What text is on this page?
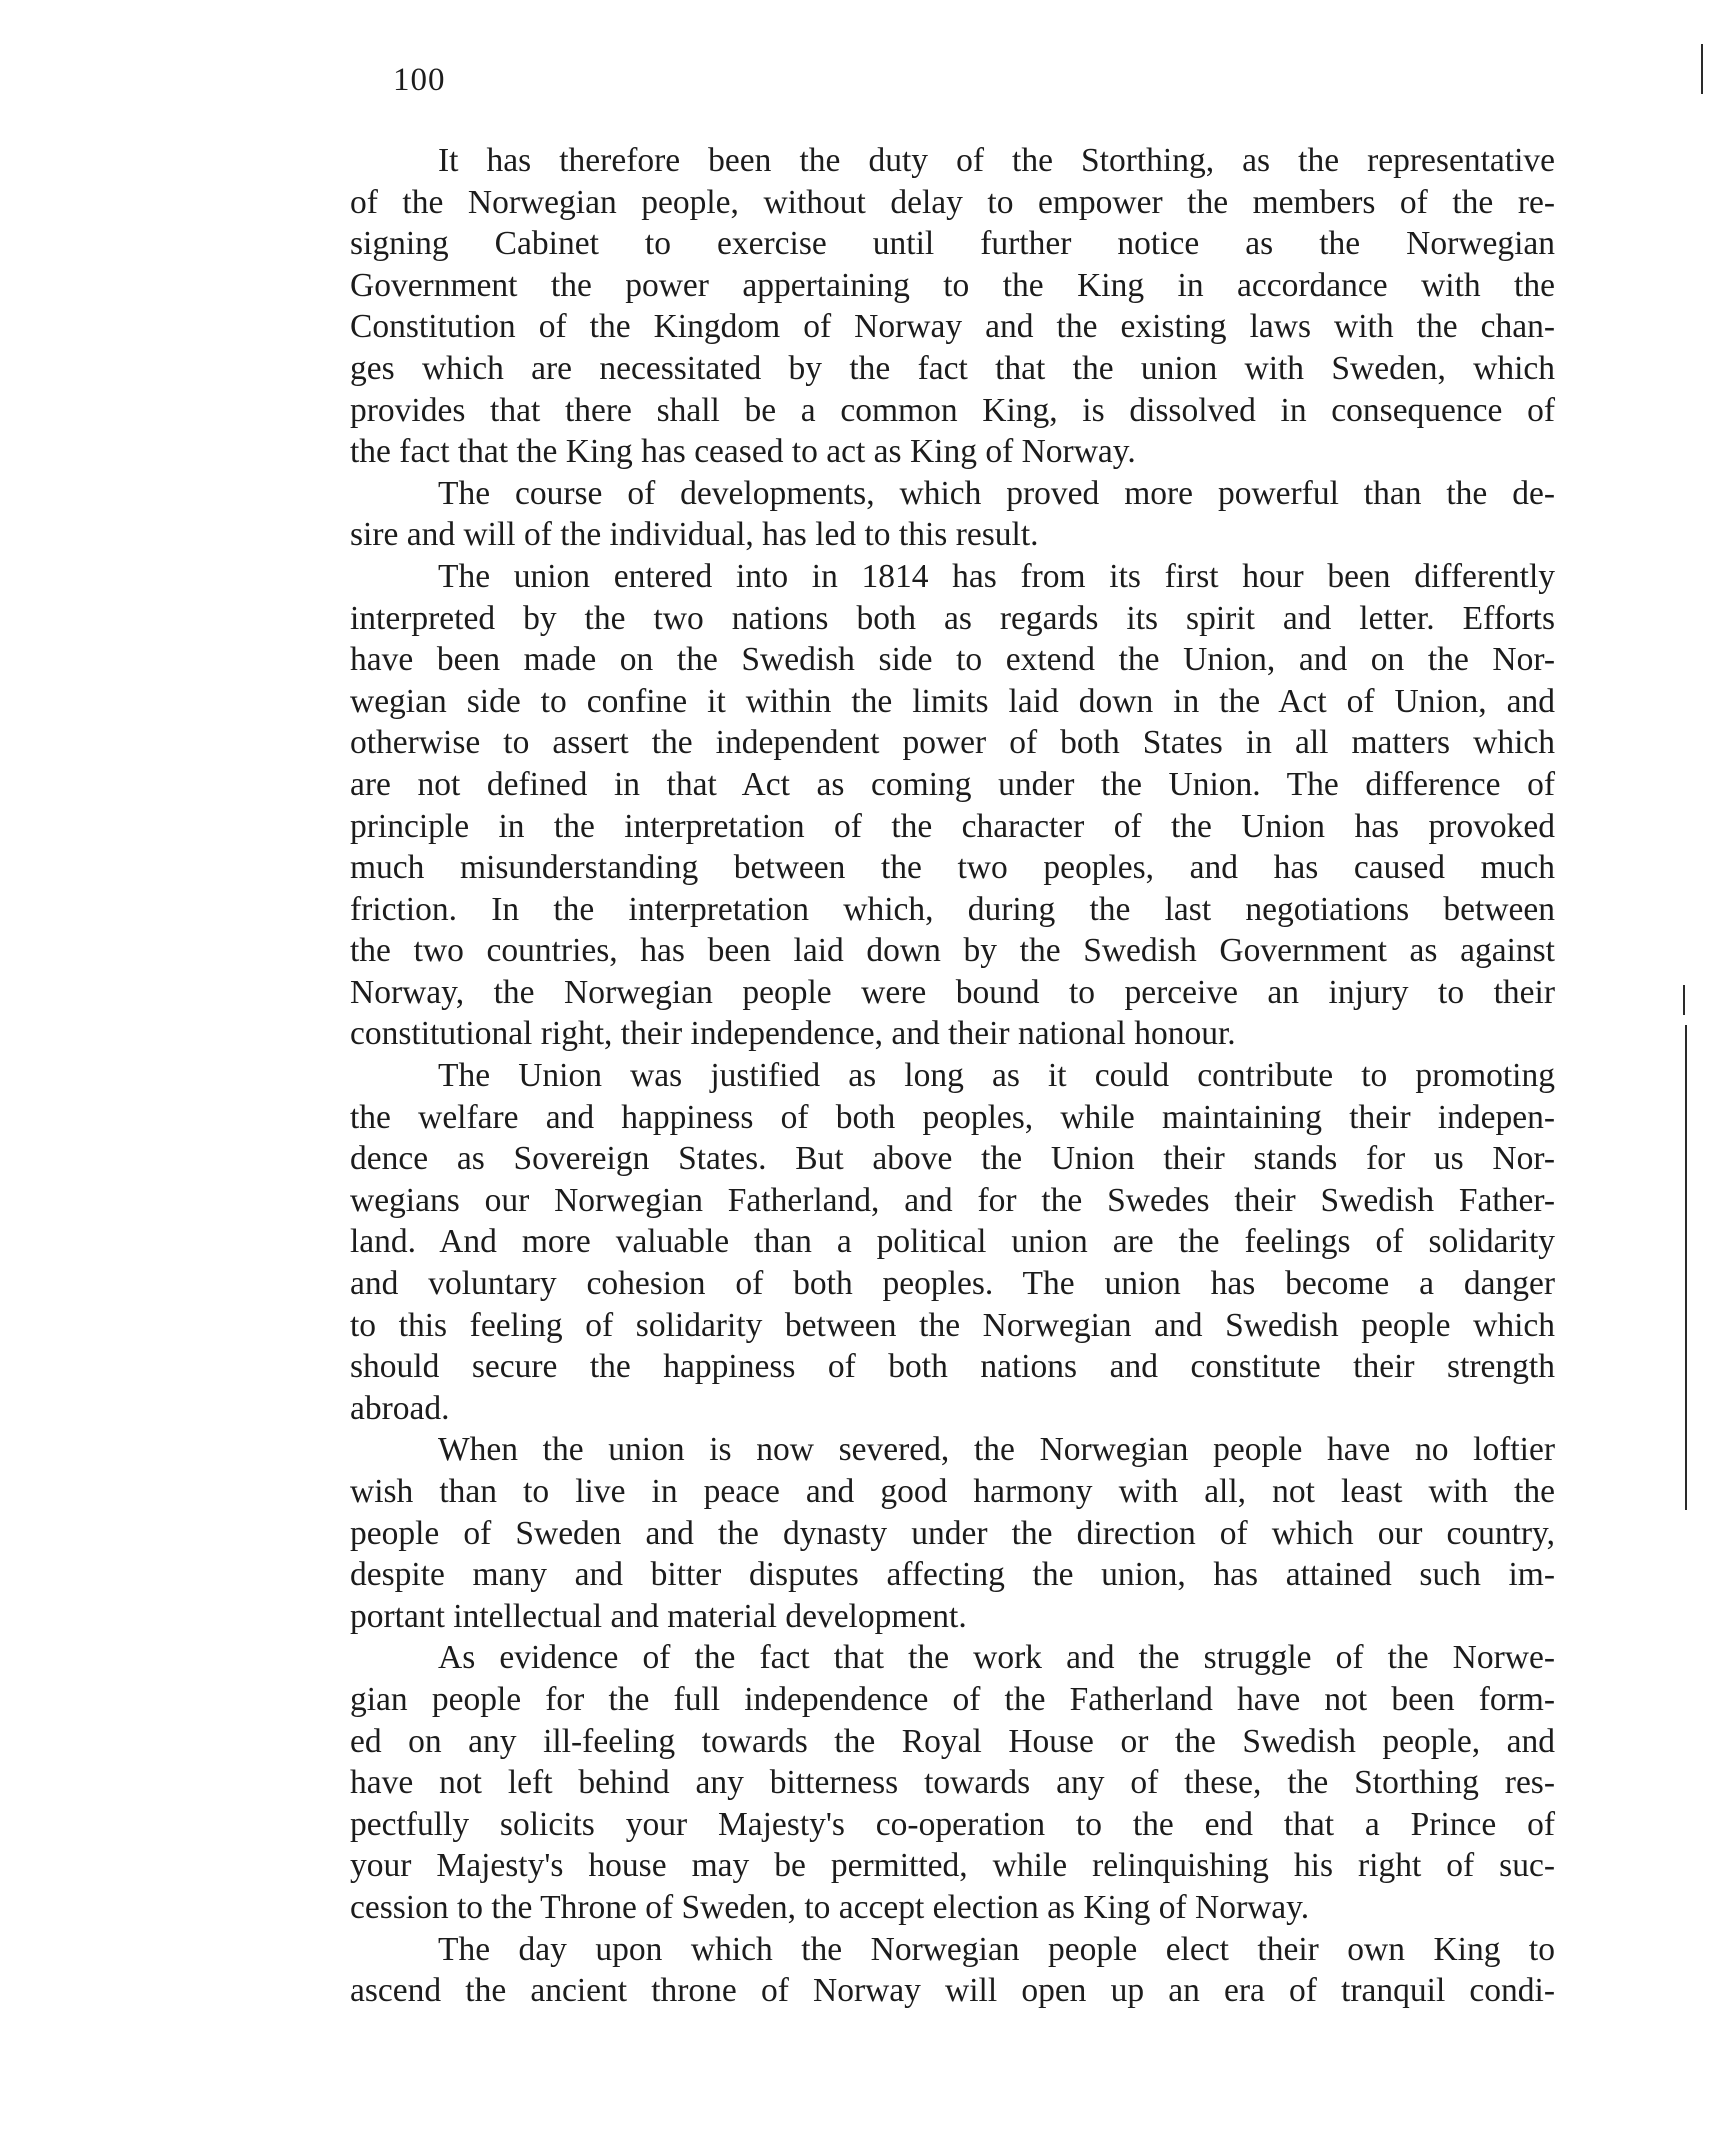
100
It has therefore been the duty of the Storthing, as the representative
of the Norwegian people, without delay to empower the members of the re-
signing Cabinet to exercise until further notice as the Norwegian
Government the power appertaining to the King in accordance with the
Constitution of the Kingdom of Norway and the existing laws with the chan-
ges which are necessitated by the fact that the union with Sweden, which
provides that there shall be a common King, is dissolved in consequence of
the fact that the King has ceased to act as King of Norway.
The course of developments, which proved more powerful than the de-
sire and will of the individual, has led to this result.
The union entered into in 1814 has from its first hour been differently
interpreted by the two nations both as regards its spirit and letter. Efforts
have been made on the Swedish side to extend the Union, and on the Nor-
wegian side to confine it within the limits laid down in the Act of Union, and
otherwise to assert the independent power of both States in all matters which
are not defined in that Act as coming under the Union. The difference of
principle in the interpretation of the character of the Union has provoked
much misunderstanding between the two peoples, and has caused much
friction. In the interpretation which, during the last negotiations between
the two countries, has been laid down by the Swedish Government as against
Norway, the Norwegian people were bound to perceive an injury to their
constitutional right, their independence, and their national honour.
The Union was justified as long as it could contribute to promoting
the welfare and happiness of both peoples, while maintaining their indepen-
dence as Sovereign States. But above the Union their stands for us Nor-
wegians our Norwegian Fatherland, and for the Swedes their Swedish Father-
land. And more valuable than a political union are the feelings of solidarity
and voluntary cohesion of both peoples. The union has become a danger
to this feeling of solidarity between the Norwegian and Swedish people which
should secure the happiness of both nations and constitute their strength
abroad.
When the union is now severed, the Norwegian people have no loftier
wish than to live in peace and good harmony with all, not least with the
people of Sweden and the dynasty under the direction of which our country,
despite many and bitter disputes affecting the union, has attained such im-
portant intellectual and material development.
As evidence of the fact that the work and the struggle of the Norwe-
gian people for the full independence of the Fatherland have not been form-
ed on any ill-feeling towards the Royal House or the Swedish people, and
have not left behind any bitterness towards any of these, the Storthing res-
pectfully solicits your Majesty's co-operation to the end that a Prince of
your Majesty's house may be permitted, while relinquishing his right of suc-
cession to the Throne of Sweden, to accept election as King of Norway.
The day upon which the Norwegian people elect their own King to
ascend the ancient throne of Norway will open up an era of tranquil condi-
